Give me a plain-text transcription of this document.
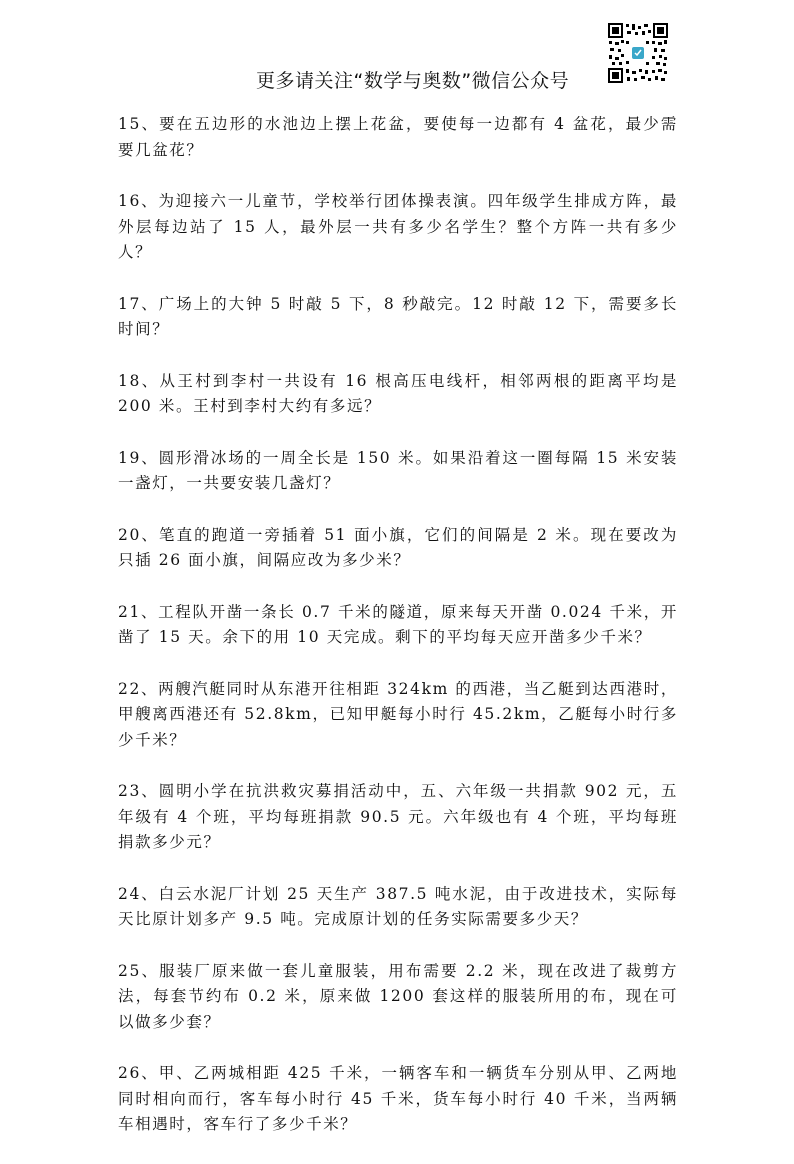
更多请关注“数学与奥数”微信公众号

15、要在五边形的水池边上摆上花盆，要使每一边都有 4 盆花，最少需要几盆花？

16、为迎接六一儿童节，学校举行团体操表演。四年级学生排成方阵，最外层每边站了 15 人，最外层一共有多少名学生？整个方阵一共有多少人？

17、广场上的大钟 5 时敲 5 下，8 秒敲完。12 时敲 12 下，需要多长时间？

18、从王村到李村一共设有 16 根高压电线杆，相邻两根的距离平均是 200 米。王村到李村大约有多远？

19、圆形滑冰场的一周全长是 150 米。如果沿着这一圈每隔 15 米安装一盏灯，一共要安装几盏灯？

20、笔直的跑道一旁插着 51 面小旗，它们的间隔是 2 米。现在要改为只插 26 面小旗，间隔应改为多少米？

21、工程队开凿一条长 0.7 千米的隧道，原来每天开凿 0.024 千米，开凿了 15 天。余下的用 10 天完成。剩下的平均每天应开凿多少千米？

22、两艘汽艇同时从东港开往相距 324km 的西港，当乙艇到达西港时，甲艘离西港还有 52.8km，已知甲艇每小时行 45.2km，乙艇每小时行多少千米？

23、圆明小学在抗洪救灾募捐活动中，五、六年级一共捐款 902 元，五年级有 4 个班，平均每班捐款 90.5 元。六年级也有 4 个班，平均每班捐款多少元？

24、白云水泥厂计划 25 天生产 387.5 吨水泥，由于改进技术，实际每天比原计划多产 9.5 吨。完成原计划的任务实际需要多少天？

25、服装厂原来做一套儿童服装，用布需要 2.2 米，现在改进了裁剪方法，每套节约布 0.2 米，原来做 1200 套这样的服装所用的布，现在可以做多少套？

26、甲、乙两城相距 425 千米，一辆客车和一辆货车分别从甲、乙两地同时相向而行，客车每小时行 45 千米，货车每小时行 40 千米，当两辆车相遇时，客车行了多少千米？
